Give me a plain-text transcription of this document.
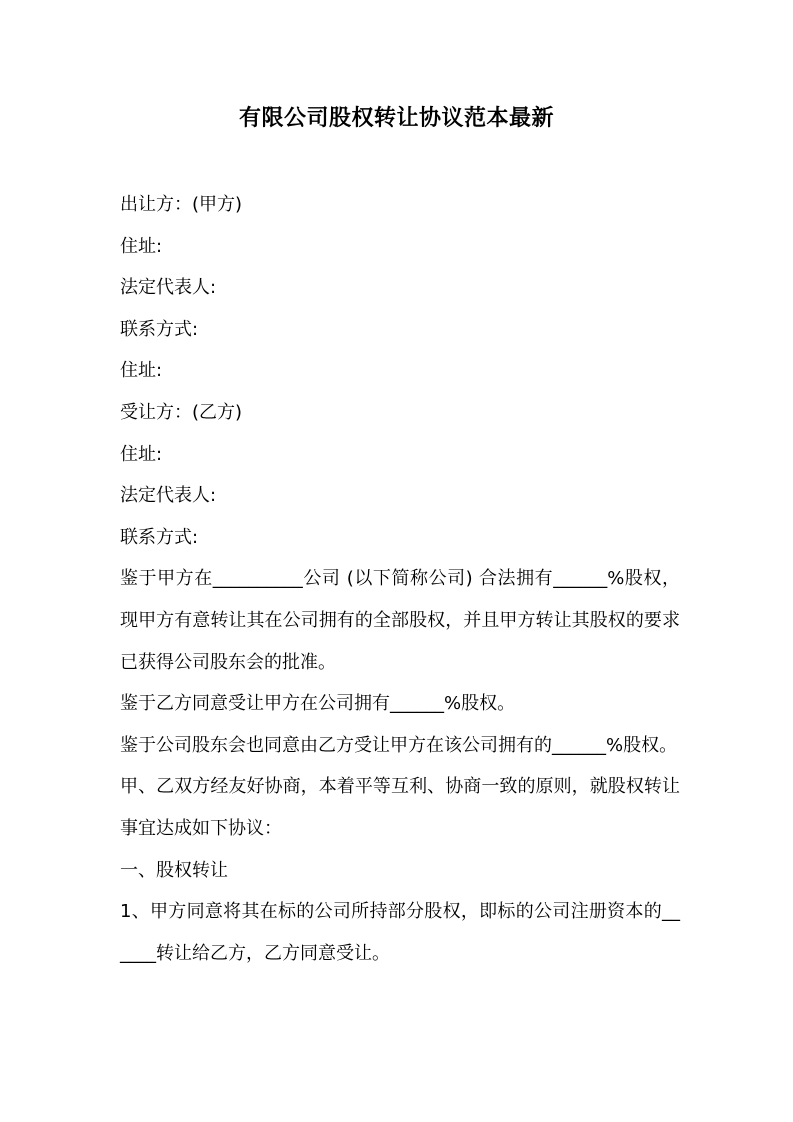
有限公司股权转让协议范本最新

出让方：(甲方)

住址:

法定代表人:

联系方式:

住址:

受让方：(乙方)

住址:

法定代表人:

联系方式:

鉴于甲方在__________公司 (以下简称公司) 合法拥有______%股权，现甲方有意转让其在公司拥有的全部股权，并且甲方转让其股权的要求已获得公司股东会的批准。

鉴于乙方同意受让甲方在公司拥有______%股权。

鉴于公司股东会也同意由乙方受让甲方在该公司拥有的______%股权。

甲、乙双方经友好协商，本着平等互利、协商一致的原则，就股权转让事宜达成如下协议：

一、股权转让

1、甲方同意将其在标的公司所持部分股权，即标的公司注册资本的______转让给乙方，乙方同意受让。
